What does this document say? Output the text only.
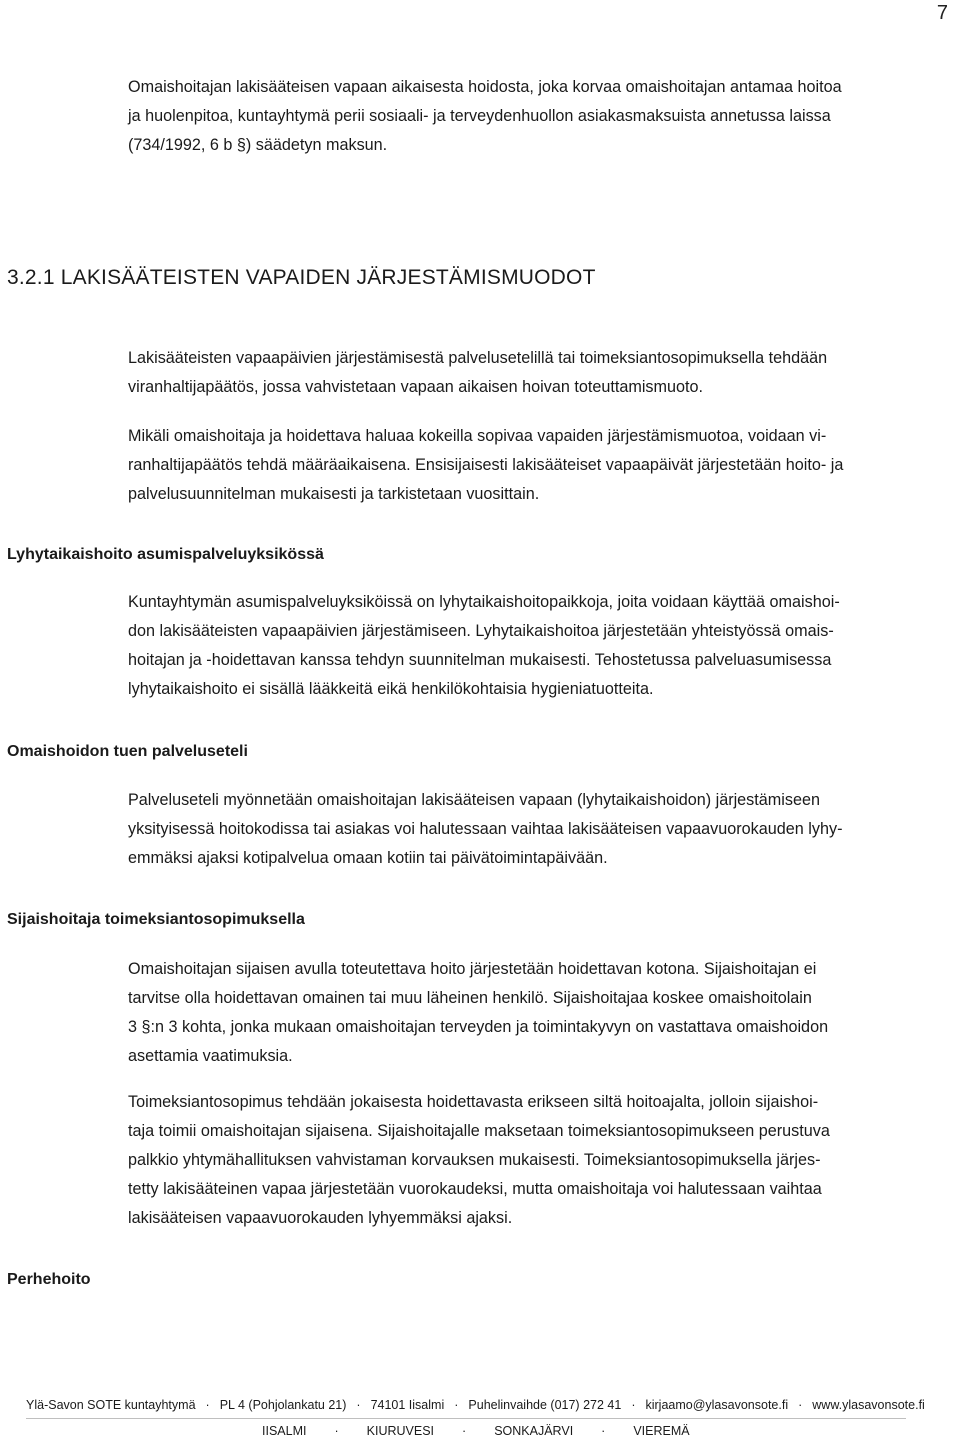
7

Omaishoitajan lakisääteisen vapaan aikaisesta hoidosta, joka korvaa omaishoitajan antamaa hoitoa
ja huolenpitoa, kuntayhtymä perii sosiaali- ja terveydenhuollon asiakasmaksuista annetussa laissa
(734/1992, 6 b §) säädetyn maksun.

3.2.1 LAKISÄÄTEISTEN VAPAIDEN JÄRJESTÄMISMUODOT

Lakisääteisten vapaapäivien järjestämisestä palvelusetelillä tai toimeksiantosopimuksella tehdään
viranhaltijapäätös, jossa vahvistetaan vapaan aikaisen hoivan toteuttamismuoto.

Mikäli omaishoitaja ja hoidettava haluaa kokeilla sopivaa vapaiden järjestämismuotoa, voidaan vi-
ranhaltijapäätös tehdä määräaikaisena. Ensisijaisesti lakisääteiset vapaapäivät järjestetään hoito- ja
palvelusuunnitelman mukaisesti ja tarkistetaan vuosittain.

Lyhytaikaishoito asumispalveluyksikössä

Kuntayhtymän asumispalveluyksiköissä on lyhytaikaishoitopaikkoja, joita voidaan käyttää omaishoi-
don lakisääteisten vapaapäivien järjestämiseen. Lyhytaikaishoitoa järjestetään yhteistyössä omais-
hoitajan ja -hoidettavan kanssa tehdyn suunnitelman mukaisesti. Tehostetussa palveluasumisessa
lyhytaikaishoito ei sisällä lääkkeitä eikä henkilökohtaisia hygieniatuotteita.

Omaishoidon tuen palveluseteli

Palveluseteli myönnetään omaishoitajan lakisääteisen vapaan (lyhytaikaishoidon) järjestämiseen
yksityisessä hoitokodissa tai asiakas voi halutessaan vaihtaa lakisääteisen vapaavuorokauden lyhy-
emmäksi ajaksi kotipalvelua omaan kotiin tai päivätoimintapäivään.

Sijaishoitaja toimeksiantosopimuksella

Omaishoitajan sijaisen avulla toteutettava hoito järjestetään hoidettavan kotona. Sijaishoitajan ei
tarvitse olla hoidettavan omainen tai muu läheinen henkilö. Sijaishoitajaa koskee omaishoitolain
3 §:n 3 kohta, jonka mukaan omaishoitajan terveyden ja toimintakyvyn on vastattava omaishoidon
asettamia vaatimuksia.

Toimeksiantosopimus tehdään jokaisesta hoidettavasta erikseen siltä hoitoajalta, jolloin sijaishoi-
taja toimii omaishoitajan sijaisena. Sijaishoitajalle maksetaan toimeksiantosopimukseen perustuva
palkkio yhtymähallituksen vahvistaman korvauksen mukaisesti. Toimeksiantosopimuksella järjes-
tetty lakisääteinen vapaa järjestetään vuorokaudeksi, mutta omaishoitaja voi halutessaan vaihtaa
lakisääteisen vapaavuorokauden lyhyemmäksi ajaksi.

Perhehoito
Ylä-Savon SOTE kuntayhtymä · PL 4 (Pohjolankatu 21) · 74101 Iisalmi · Puhelinvaihde (017) 272 41 · kirjaamo@ylasavonsote.fi · www.ylasavonsote.fi
IISALMI · KIURUVESI · SONKAJÄRVI · VIEREMÄ
